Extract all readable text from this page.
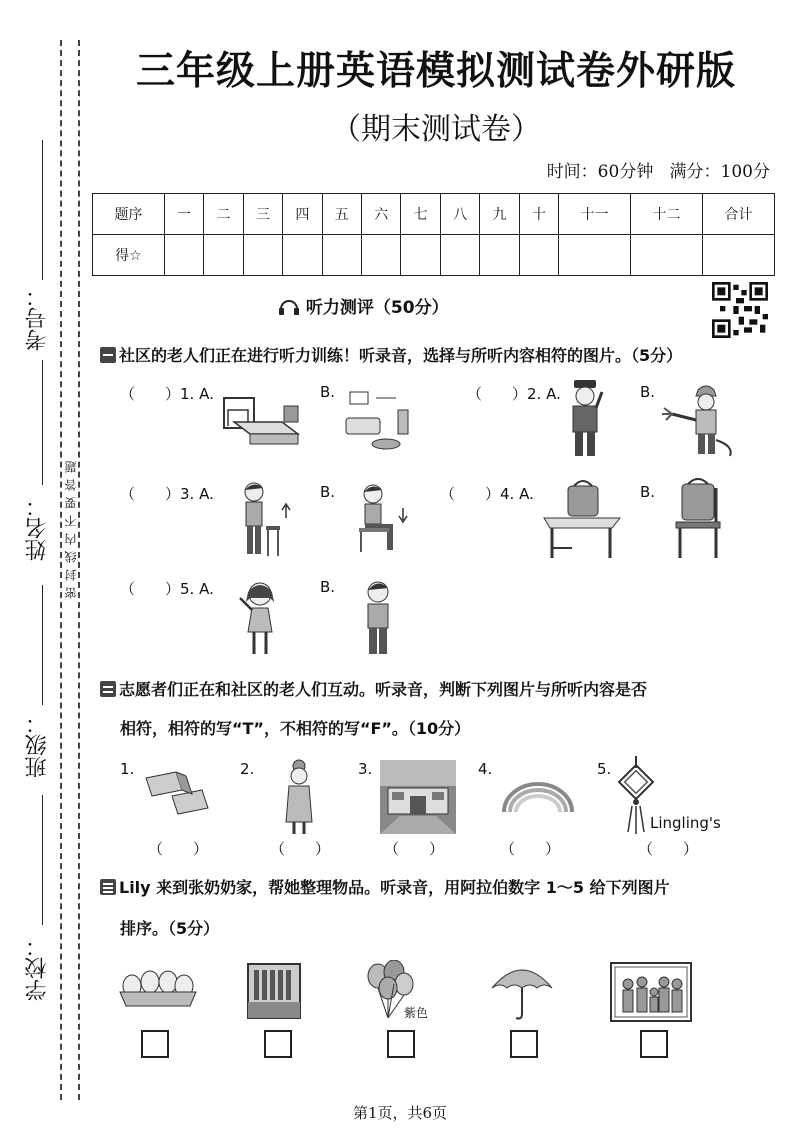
考号：
姓名：
班级：
学校：
密封线内不要答题
三年级上册英语模拟测试卷外研版
（期末测试卷）
时间：60分钟 满分：100分
题序	一	二	三	四	五	六	七	八	九	十	十一	十二	合计
得☆													
听力测评（50分）
社区的老人们正在进行听力训练！听录音，选择与所听内容相符的图片。（5分）
（　　）1. A.	B.	（　　）2. A.	B.
（　　）3. A.	B.	（　　）4. A.	B.
（　　）5. A.	B.
志愿者们正在和社区的老人们互动。听录音，判断下列图片与所听内容是否
相符，相符的写“T”，不相符的写“F”。（10分）
1.
（　　）
2.
（　　）
3.
（　　）
4.
（　　）
5.
Lingling's
（　　）
Lily 来到张奶奶家，帮她整理物品。听录音，用阿拉伯数字 1～5 给下列图片
排序。（5分）
紫色
第1页，共6页
